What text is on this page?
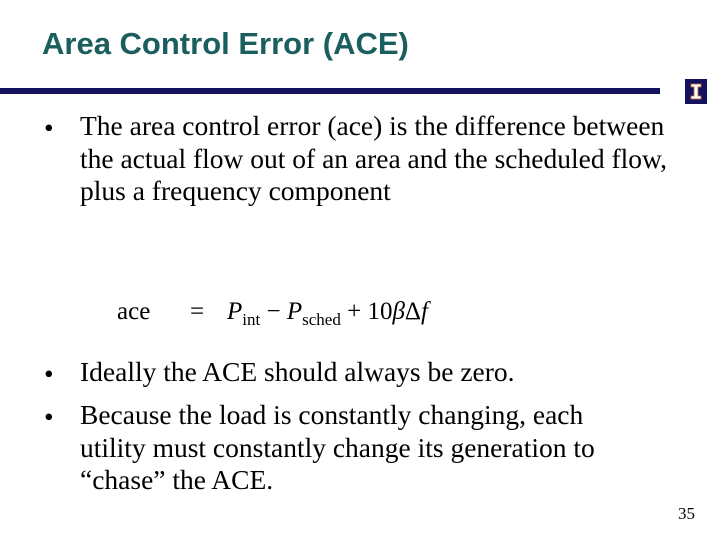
Area Control Error (ACE)
• The area control error (ace) is the difference between the actual flow out of an area and the scheduled flow, plus a frequency component

ace = $P_{int} - P_{sched} + 10\beta\Delta f$
• Ideally the ACE should always be zero.

• Because the load is constantly changing, each utility must constantly change its generation to “chase” the ACE.

35
